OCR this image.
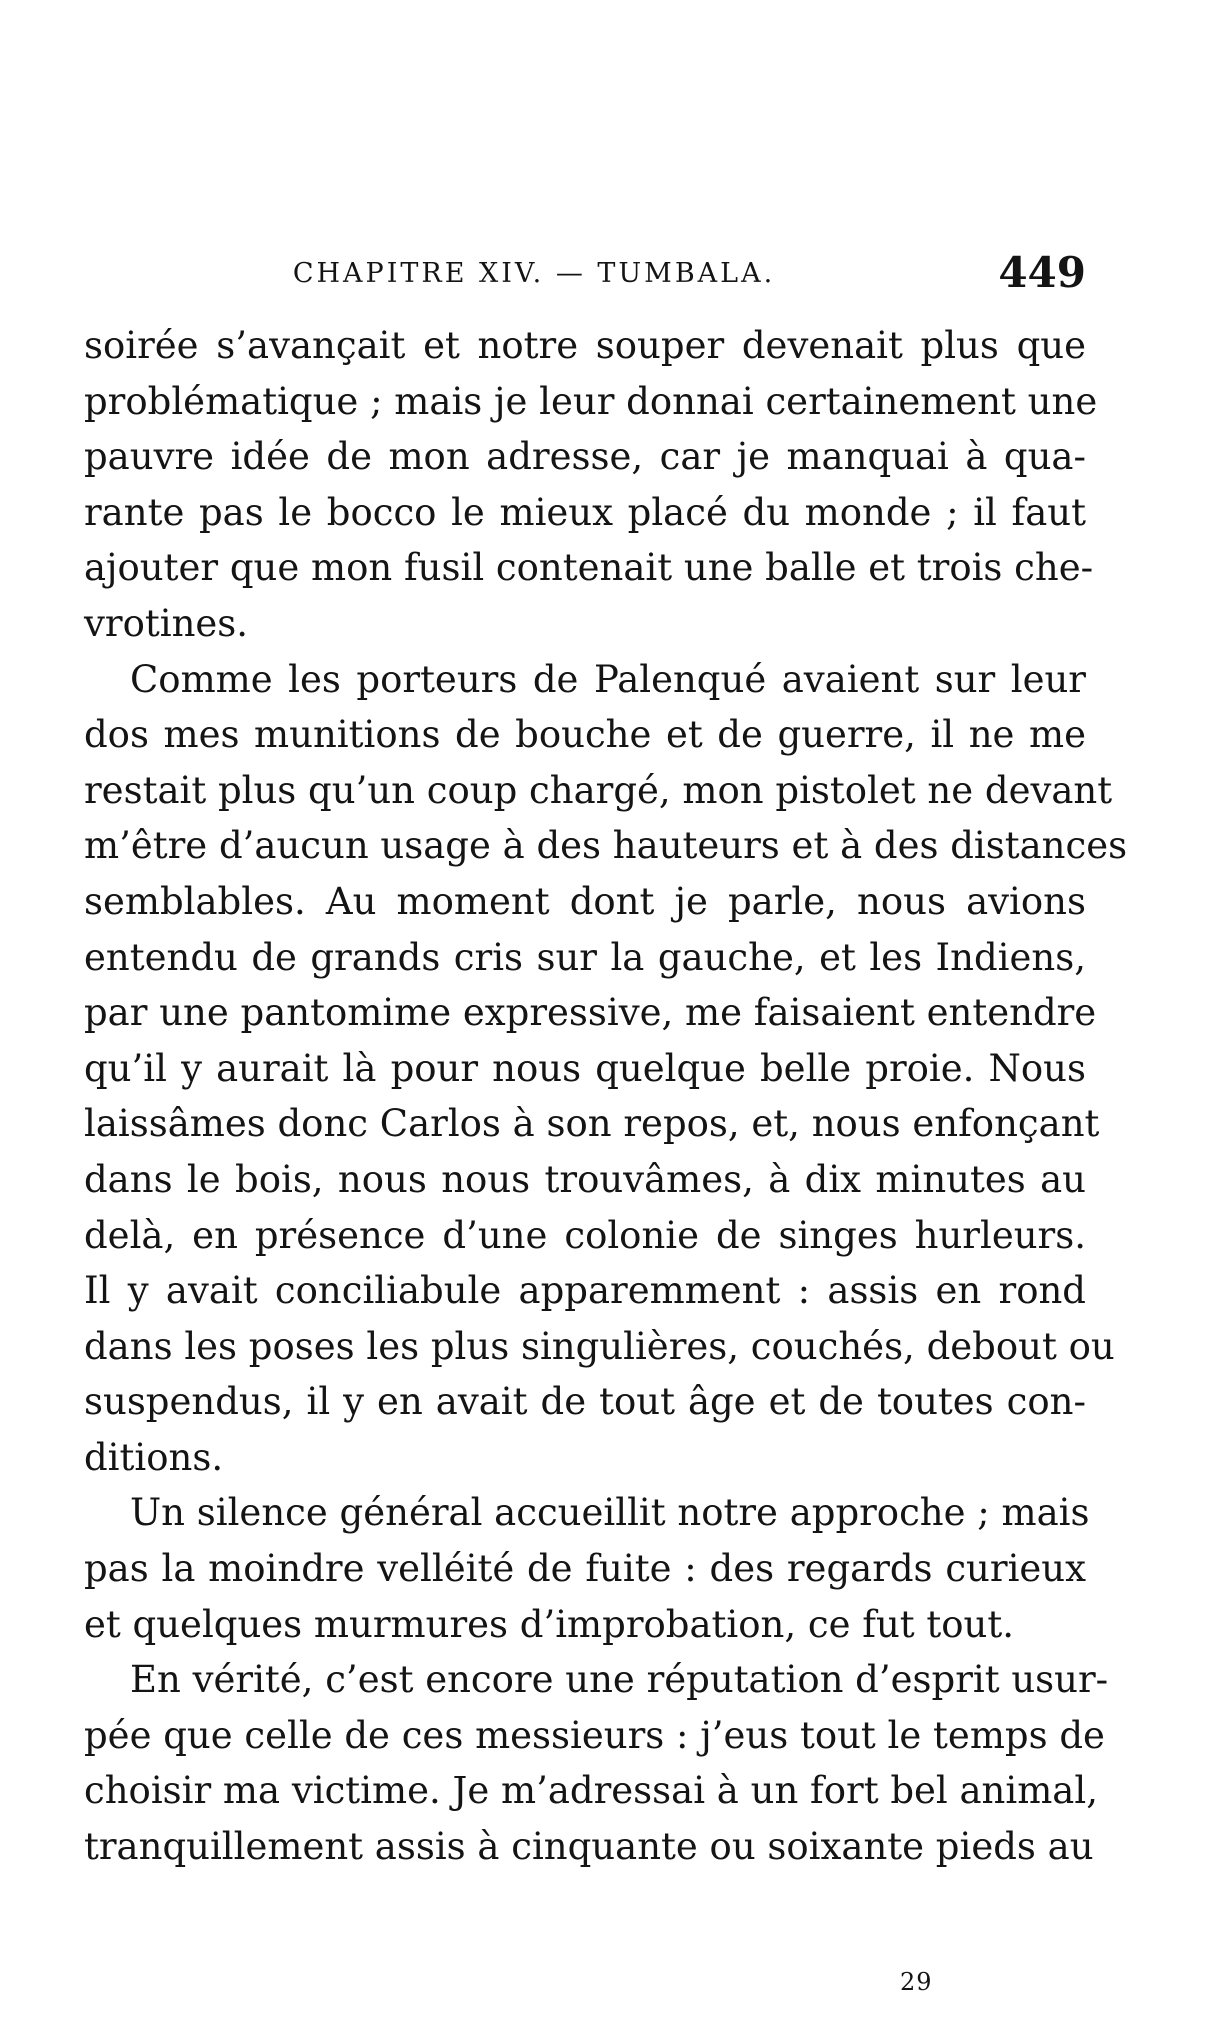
CHAPITRE XIV. — TUMBALA.	449
soirée s’avançait et notre souper devenait plus que
problématique ; mais je leur donnai certainement une
pauvre idée de mon adresse, car je manquai à qua-
rante pas le bocco le mieux placé du monde ; il faut
ajouter que mon fusil contenait une balle et trois che-
vrotines.
Comme les porteurs de Palenqué avaient sur leur
dos mes munitions de bouche et de guerre, il ne me
restait plus qu’un coup chargé, mon pistolet ne devant
m’être d’aucun usage à des hauteurs et à des distances
semblables. Au moment dont je parle, nous avions
entendu de grands cris sur la gauche, et les Indiens,
par une pantomime expressive, me faisaient entendre
qu’il y aurait là pour nous quelque belle proie. Nous
laissâmes donc Carlos à son repos, et, nous enfonçant
dans le bois, nous nous trouvâmes, à dix minutes au
delà, en présence d’une colonie de singes hurleurs.
Il y avait conciliabule apparemment : assis en rond
dans les poses les plus singulières, couchés, debout ou
suspendus, il y en avait de tout âge et de toutes con-
ditions.
Un silence général accueillit notre approche ; mais
pas la moindre velléité de fuite : des regards curieux
et quelques murmures d’improbation, ce fut tout.
En vérité, c’est encore une réputation d’esprit usur-
pée que celle de ces messieurs : j’eus tout le temps de
choisir ma victime. Je m’adressai à un fort bel animal,
tranquillement assis à cinquante ou soixante pieds au
29
